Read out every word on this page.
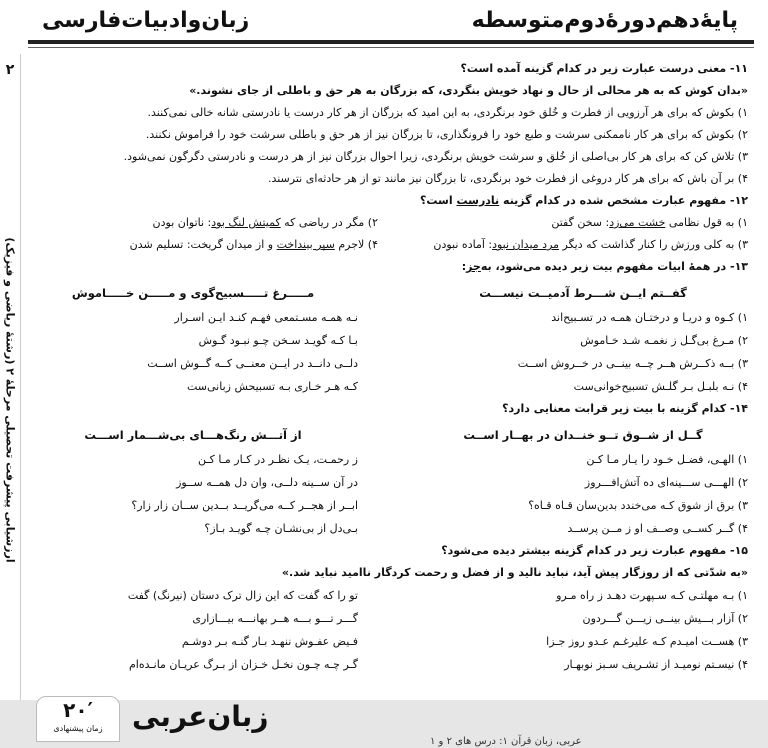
زبان‌وادبیات‌فارسی	پایۀ‌دهم‌دورۀ‌دوم‌متوسطه
۲
ارزشیابی پیشرفت تحصیلی مرحلۀ ۲ (رشتۀ ریاضی و فیزیک)
۱۱- معنی درست عبارت زیر در کدام گزینه آمده است؟
«بدان کوش که به هر محالی از حال و نهاد خویش بنگردی، که بزرگان به هر حق و باطلی از جای نشوند.»
۱) بکوش که برای هر آرزویی از فطرت و خُلق خود برنگردی، به این امید که بزرگان از هر کار درست یا نادرستی شانه خالی نمی‌کنند.
۲) بکوش که برای هر کار ناممکنی سرشت و طبع خود را فرونگذاری، تا بزرگان نیز از هر حق و باطلی سرشت خود را فراموش نکنند.
۳) تلاش کن که برای هر کار بی‌اصلی از خُلق و سرشت خویش برنگردی، زیرا احوال بزرگان نیز از هر درست و نادرستی دگرگون نمی‌شود.
۴) بر آن باش که برای هر کار دروغی از فطرت خود برنگردی، تا بزرگان نیز مانند تو از هر حادثه‌ای نترسند.
۱۲- مفهوم عبارت مشخص شده در کدام گزینه نادرست است؟
۱) به قول نظامی خشت می‌زد: سخن گفتن
۲) مگر در ریاضی که کمیتش لنگ بود: ناتوان بودن
۳) به کلی ورزش را کنار گذاشت که دیگر مرد میدان نبود: آماده نبودن
۴) لاجرم سپر بینداخت و از میدان گریخت: تسلیم شدن
۱۳- در همهٔ ابیات مفهوم بیت زیر دیده می‌شود، به‌جز:
گفــتم ایــن شـــرط آدمیــت نیســـت
مـــــرغ تـــــسبیح‌گوی و مـــــن خـــــاموش
۱) کـوه و دریـا و درختـان همـه در تسـبیح‌اند
نـه همـه مسـتمعی فهـم کنـد ایـن اسـرار
۲) مـرغ بی‌گـل ز نغمـه شـد خـاموش
بـا کـه گویـد سـخن چـو نبـود گـوش
۳) بــه ذکــرش هــر چــه بینــی در خــروش اســت
دلــی دانــد در ایــن معنــی کــه گــوش اســت
۴) نـه بلبـل بـر گلـش تسبیح‌خوانی‌ست
کـه هـر خـاری بـه تسبیحش زبانی‌ست
۱۴- کدام گزینه با بیت زیر قرابت معنایی دارد؟
گــل از شــوق تــو خنــدان در بهــار اســت
از آتـــش رنگ‌هـــای بی‌شـــمار اســـت
۱) الهـی، فضـل خـود را یـار مـا کـن
ز رحمـت، یـک نظـر در کـار مـا کـن
۲) الهـــی ســـینه‌ای ده آتش‌افـــروز
در آن ســینه دلــی، وان دل همــه ســوز
۳) برق از شوق کـه می‌خندد بدین‌سان قـاه قـاه؟
ابــر از هجــر کــه می‌گریــد بــدین ســان زار زار؟
۴) گــر کســی وصــف او ز مــن پرســد
بـی‌دل از بی‌نشـان چـه گویـد بـاز؟
۱۵- مفهوم عبارت زیر در کدام گزینه بیشتر دیده می‌شود؟
«به شدّتی که از روزگار پیش آید، نباید نالید و از فضل و رحمت کردگار ناامید نباید شد.»
۱) بـه مهلتـی کـه سـپهرت دهـد ز راه مـرو
تو را که گفت که این زال ترک دستان (نیرنگ) گفت
۲) آزار بـــیش بینــی زیـــن گـــردون
گـــر تـــو بـــه هــر بهانـــه بیـــازاری
۳) هســت امیـدم کـه علیرغـم عـدو روز جـزا
فـیض عفـوش ننهـد بـار گنـه بـر دوشـم
۴) نیسـتم نومیـد از تشـریف سـبز نوبهـار
گـر چـه چـون نخـل خـزان از بـرگ عریـان مانـده‌ام
۲۰′
زمان پیشنهادی	زبان‌عربی
عربی، زبان قرآن ۱: درس های ۲ و ۱
